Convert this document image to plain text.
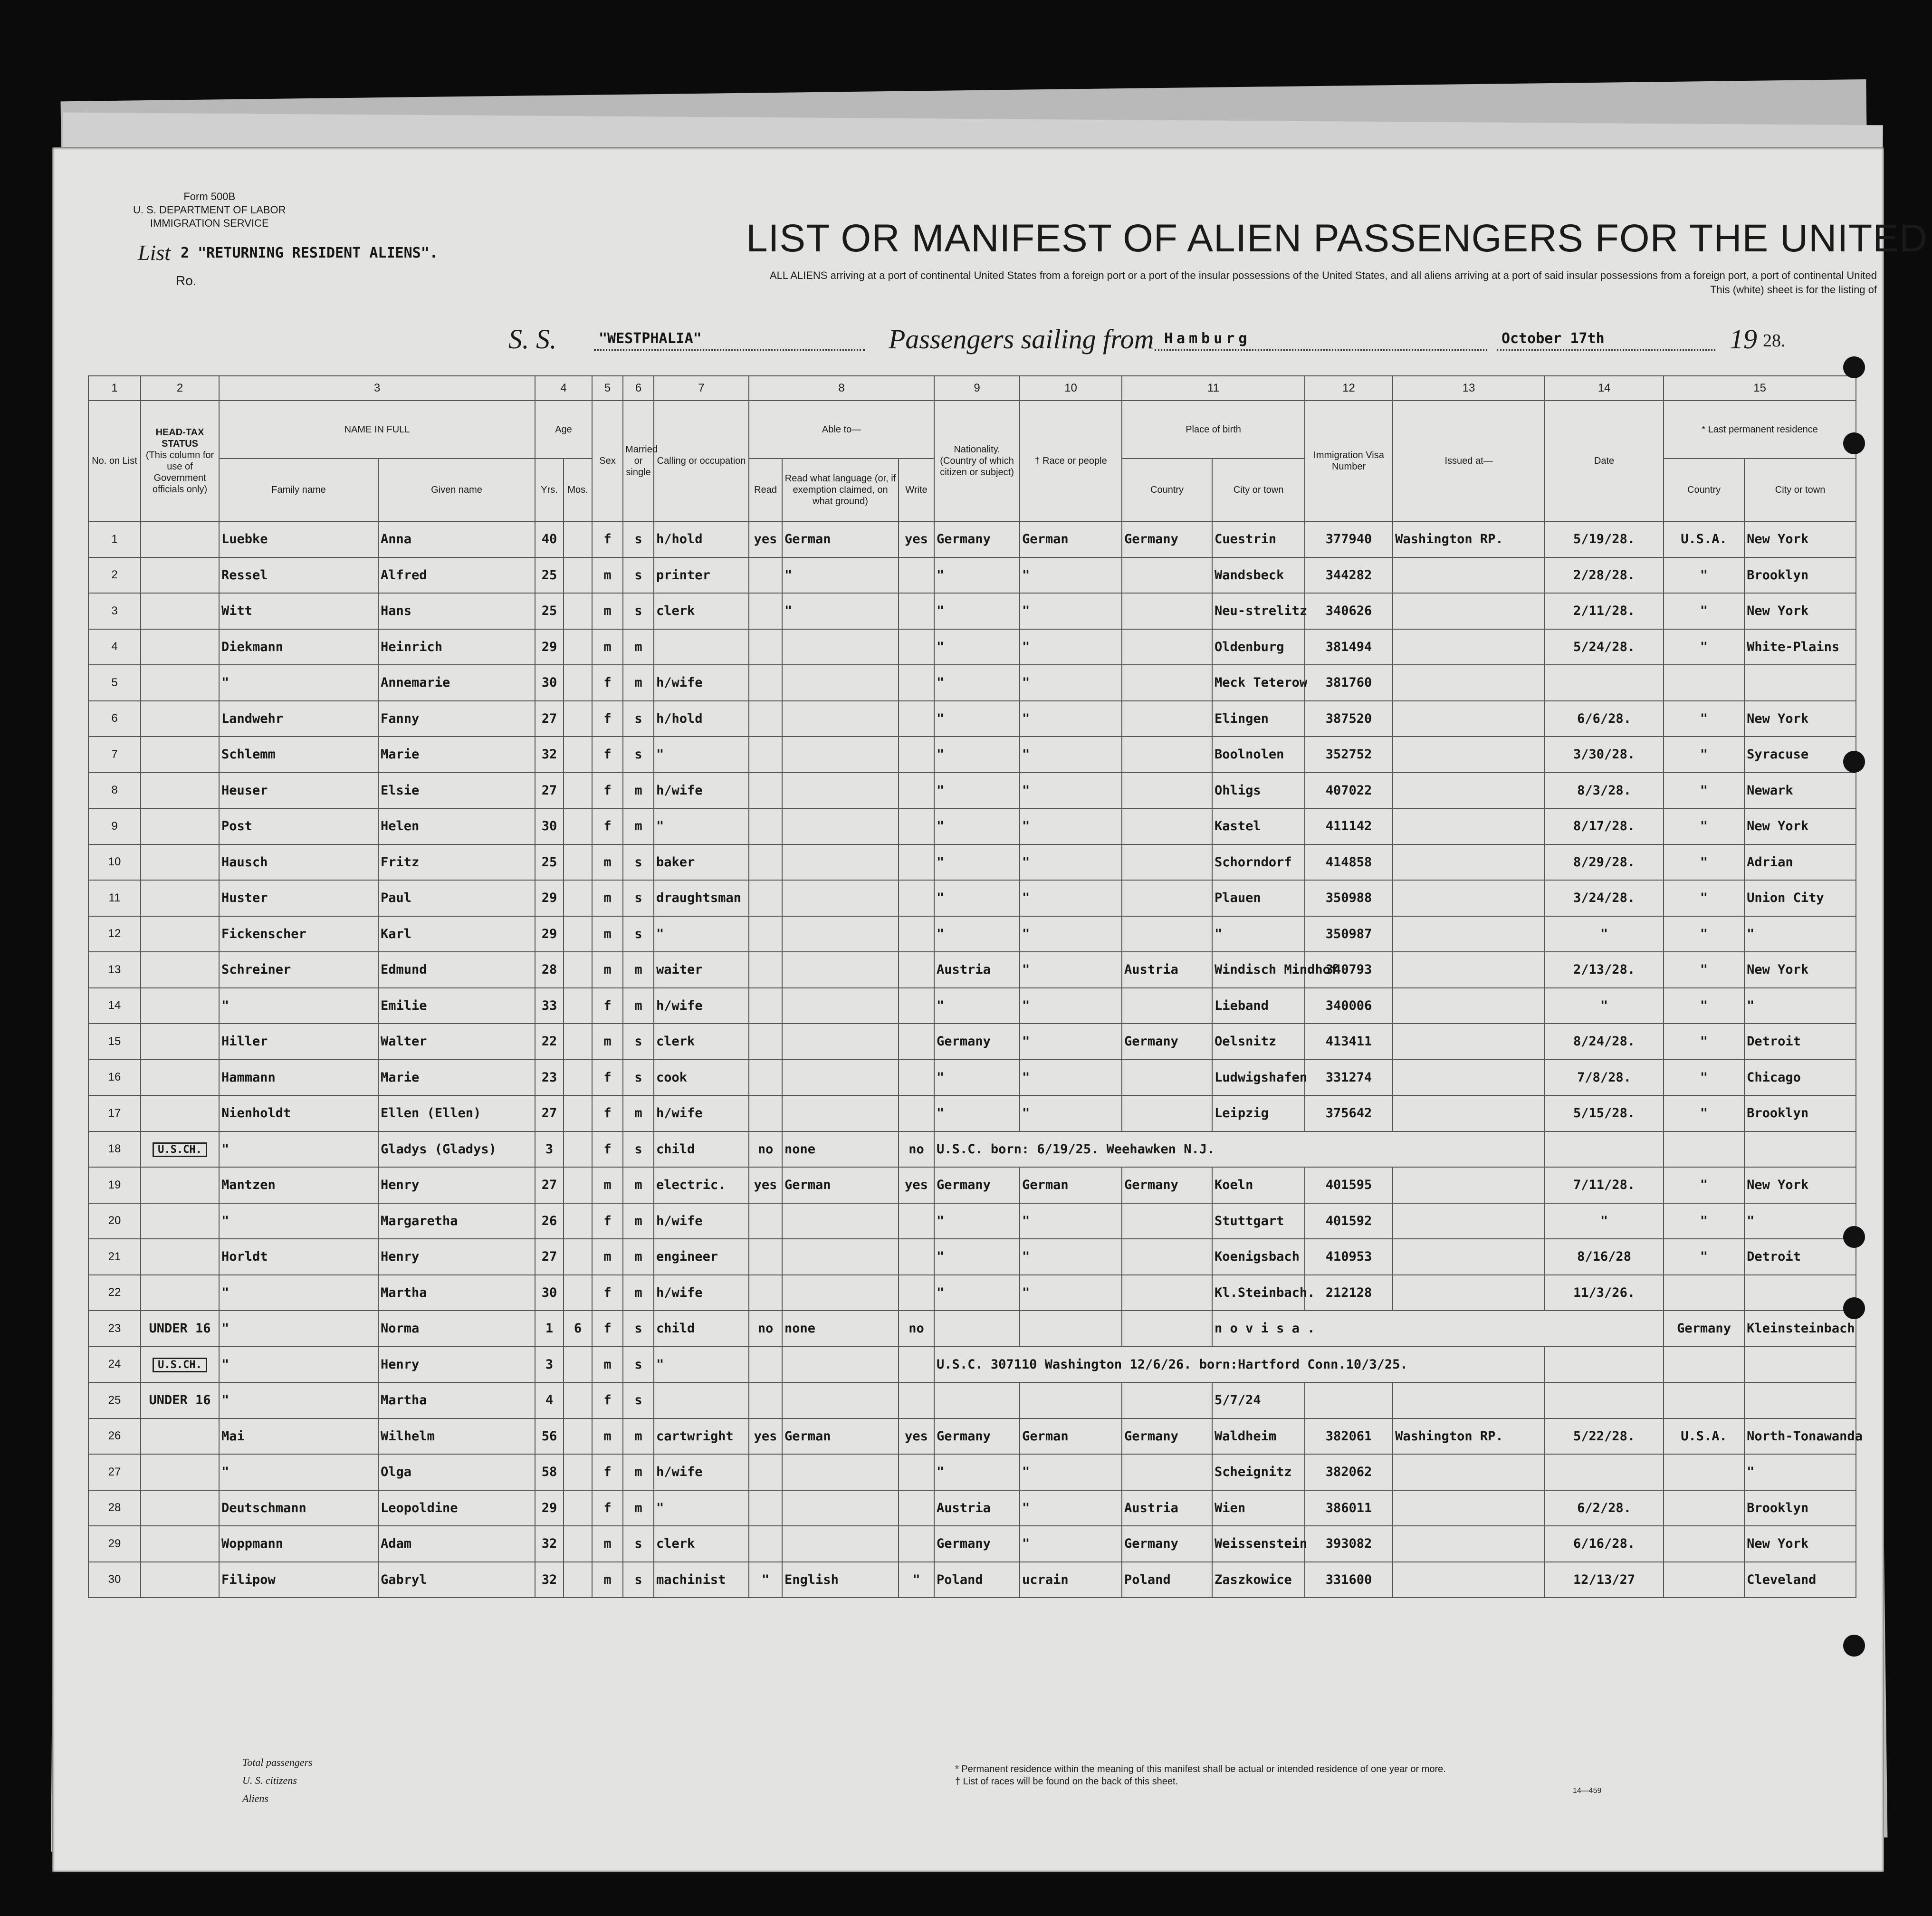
Form 500B
U. S. DEPARTMENT OF LABOR
IMMIGRATION SERVICE
List 2 "RETURNING RESIDENT ALIENS".
Ro.
LIST OR MANIFEST OF ALIEN PASSENGERS FOR THE UNITED
ALL ALIENS arriving at a port of continental United States from a foreign port or a port of the insular possessions of the United States, and all aliens arriving at a port of said insular possessions from a foreign port, a port of continental United
This (white) sheet is for the listing of
S. S.	"WESTPHALIA"	Passengers sailing from Hamburg	October 17th	19 28.
1	2	3		4		5	6	7	8			9	10	11		12	13	14	15	
No. on List	HEAD-TAX STATUS
(This column for use of Government officials only)	NAME IN FULL		Age		Sex	Married or single	Calling or occupation	Able to—			Nationality. (Country of which citizen or subject)	† Race or people	Place of birth		Immigration Visa Number	Issued at—	Date	* Last permanent residence	
		Family name	Given name	Yrs.	Mos.				Read	Read what language (or, if exemption claimed, on what ground)	Write			Country	City or town				Country	City or town
1		Luebke	Anna	40		f	s	h/hold	yes	German	yes	Germany	German	Germany	Cuestrin	377940	Washington RP.	5/19/28.	U.S.A.	New York
2		Ressel	Alfred	25		m	s	printer		"		"	"		Wandsbeck	344282		2/28/28.	"	Brooklyn
3		Witt	Hans	25		m	s	clerk		"		"	"		Neu-strelitz	340626		2/11/28.	"	New York
4		Diekmann	Heinrich	29		m	m					"	"		Oldenburg	381494		5/24/28.	"	White-Plains
5		"	Annemarie	30		f	m	h/wife				"	"		Meck Teterow	381760				
6		Landwehr	Fanny	27		f	s	h/hold				"	"		Elingen	387520		6/6/28.	"	New York
7		Schlemm	Marie	32		f	s	"				"	"		Boolnolen	352752		3/30/28.	"	Syracuse
8		Heuser	Elsie	27		f	m	h/wife				"	"		Ohligs	407022		8/3/28.	"	Newark
9		Post	Helen	30		f	m	"				"	"		Kastel	411142		8/17/28.	"	New York
10		Hausch	Fritz	25		m	s	baker				"	"		Schorndorf	414858		8/29/28.	"	Adrian
11		Huster	Paul	29		m	s	draughtsman				"	"		Plauen	350988		3/24/28.	"	Union City
12		Fickenscher	Karl	29		m	s	"				"	"		"	350987		"	"	"
13		Schreiner	Edmund	28		m	m	waiter				Austria	"	Austria	Windisch Mindhof	340793		2/13/28.	"	New York
14		"	Emilie	33		f	m	h/wife				"	"		Lieband	340006		"	"	"
15		Hiller	Walter	22		m	s	clerk				Germany	"	Germany	Oelsnitz	413411		8/24/28.	"	Detroit
16		Hammann	Marie	23		f	s	cook				"	"		Ludwigshafen	331274		7/8/28.	"	Chicago
17		Nienholdt	Ellen (Ellen)	27		f	m	h/wife				"	"		Leipzig	375642		5/15/28.	"	Brooklyn
18	U.S.CH.	"	Gladys (Gladys)	3		f	s	child	no	none	no	U.S.C. born: 6/19/25. Weehawken N.J.								
19		Mantzen	Henry	27		m	m	electric.	yes	German	yes	Germany	German	Germany	Koeln	401595		7/11/28.	"	New York
20		"	Margaretha	26		f	m	h/wife				"	"		Stuttgart	401592		"	"	"
21		Horldt	Henry	27		m	m	engineer				"	"		Koenigsbach	410953		8/16/28	"	Detroit
22		"	Martha	30		f	m	h/wife				"	"		Kl.Steinbach.	212128		11/3/26.		
23	UNDER 16	"	Norma	1	6	f	s	child	no	none	no				n o v i s a .				Germany	Kleinsteinbach
24	U.S.CH.	"	Henry	3		m	s	"				U.S.C. 307110 Washington 12/6/26. born:Hartford Conn.10/3/25.								
25	UNDER 16	"	Martha	4		f	s								5/7/24					
26		Mai	Wilhelm	56		m	m	cartwright	yes	German	yes	Germany	German	Germany	Waldheim	382061	Washington RP.	5/22/28.	U.S.A.	North-Tonawanda
27		"	Olga	58		f	m	h/wife				"	"		Scheignitz	382062				"
28		Deutschmann	Leopoldine	29		f	m	"				Austria	"	Austria	Wien	386011		6/2/28.		Brooklyn
29		Woppmann	Adam	32		m	s	clerk				Germany	"	Germany	Weissenstein	393082		6/16/28.		New York
30		Filipow	Gabryl	32		m	s	machinist	"	English	"	Poland	ucrain	Poland	Zaszkowice	331600		12/13/27		Cleveland
Total passengers
U. S. citizens
Aliens
* Permanent residence within the meaning of this manifest shall be actual or intended residence of one year or more.
† List of races will be found on the back of this sheet.
14—459
